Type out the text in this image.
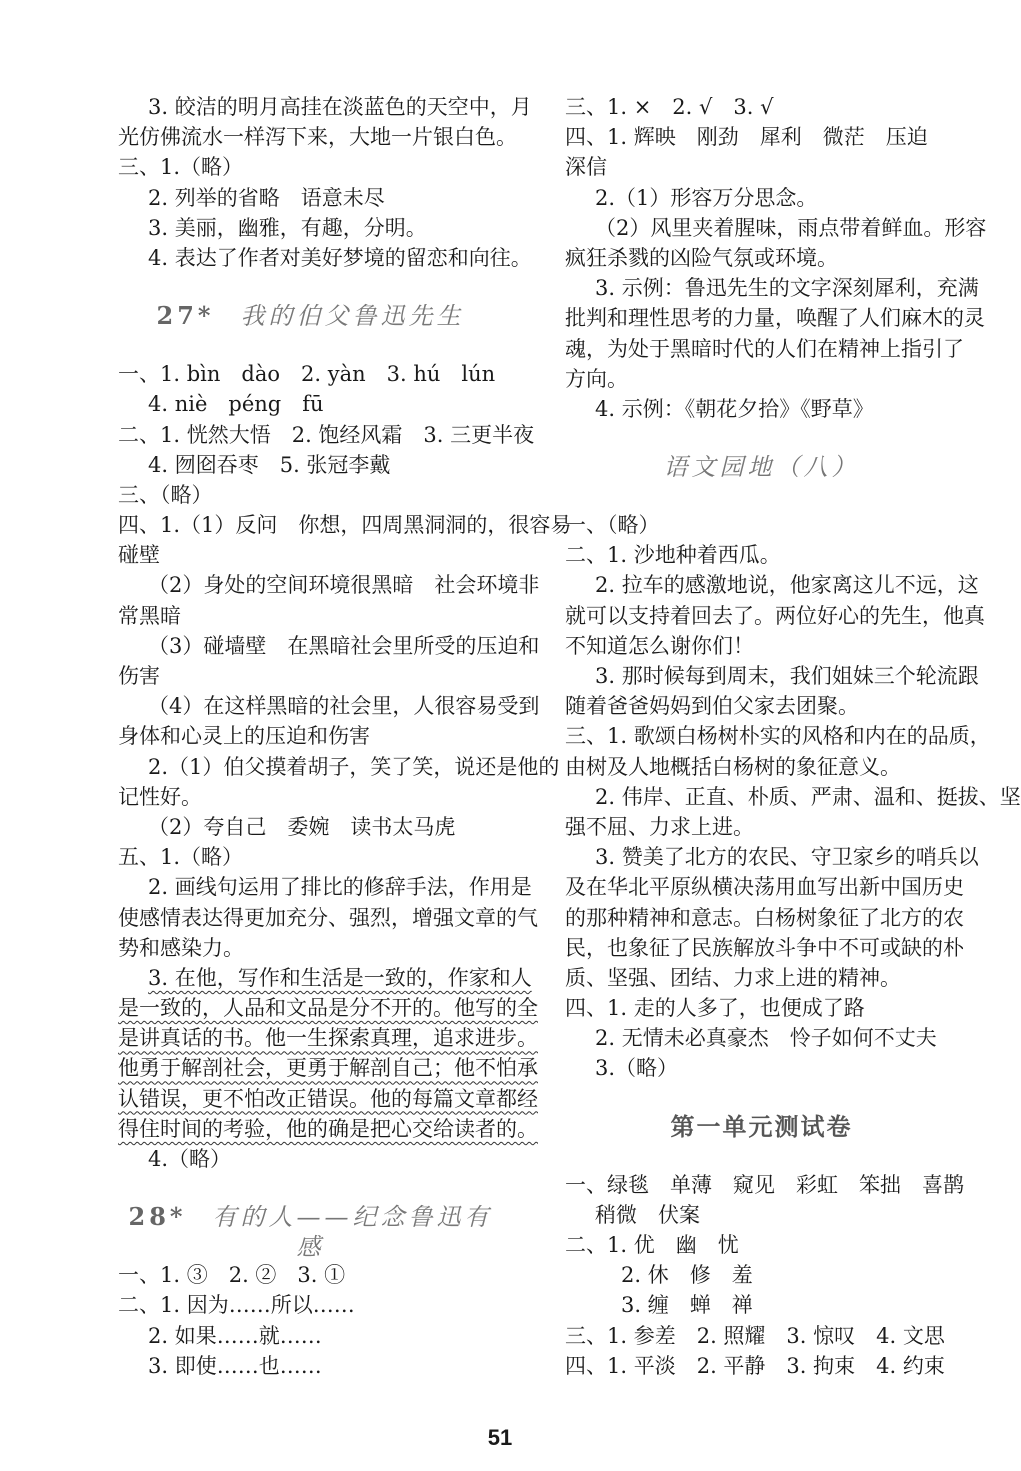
3. 皎洁的明月高挂在淡蓝色的天空中，月
光仿佛流水一样泻下来，大地一片银白色。
三、1.（略）
2. 列举的省略　语意未尽
3. 美丽，幽雅，有趣，分明。
4. 表达了作者对美好梦境的留恋和向往。
27* 我的伯父鲁迅先生
一、1. bìn　dào　2. yàn　3. hú　lún
4. niè　péng　fū
二、1. 恍然大悟　2. 饱经风霜　3. 三更半夜
4. 囫囵吞枣　5. 张冠李戴
三、（略）
四、1.（1）反问　你想，四周黑洞洞的，很容易
碰壁
（2）身处的空间环境很黑暗　社会环境非
常黑暗
（3）碰墙壁　在黑暗社会里所受的压迫和
伤害
（4）在这样黑暗的社会里，人很容易受到
身体和心灵上的压迫和伤害
2.（1）伯父摸着胡子，笑了笑，说还是他的
记性好。
（2）夸自己　委婉　读书太马虎
五、1.（略）
2. 画线句运用了排比的修辞手法，作用是
使感情表达得更加充分、强烈，增强文章的气
势和感染力。
3. 在他，写作和生活是一致的，作家和人
是一致的，人品和文品是分不开的。他写的全
是讲真话的书。他一生探索真理，追求进步。
他勇于解剖社会，更勇于解剖自己；他不怕承
认错误，更不怕改正错误。他的每篇文章都经
得住时间的考验，他的确是把心交给读者的。
4.（略）
28* 有的人——纪念鲁迅有感
一、1. ③　2. ②　3. ①
二、1. 因为……所以……
2. 如果……就……
3. 即使……也……
三、1. ×　2. √　3. √
四、1. 辉映　刚劲　犀利　微茫　压迫
深信
2.（1）形容万分思念。
（2）风里夹着腥味，雨点带着鲜血。形容
疯狂杀戮的凶险气氛或环境。
3. 示例：鲁迅先生的文字深刻犀利，充满
批判和理性思考的力量，唤醒了人们麻木的灵
魂，为处于黑暗时代的人们在精神上指引了
方向。
4. 示例：《朝花夕拾》《野草》
语文园地（八）
一、（略）
二、1. 沙地种着西瓜。
2. 拉车的感激地说，他家离这儿不远，这
就可以支持着回去了。两位好心的先生，他真
不知道怎么谢你们！
3. 那时候每到周末，我们姐妹三个轮流跟
随着爸爸妈妈到伯父家去团聚。
三、1. 歌颂白杨树朴实的风格和内在的品质，
由树及人地概括白杨树的象征意义。
2. 伟岸、正直、朴质、严肃、温和、挺拔、坚
强不屈、力求上进。
3. 赞美了北方的农民、守卫家乡的哨兵以
及在华北平原纵横决荡用血写出新中国历史
的那种精神和意志。白杨树象征了北方的农
民，也象征了民族解放斗争中不可或缺的朴
质、坚强、团结、力求上进的精神。
四、1. 走的人多了，也便成了路
2. 无情未必真豪杰　怜子如何不丈夫
3.（略）
第一单元测试卷
一、绿毯　单薄　窥见　彩虹　笨拙　喜鹊
稍微　伏案
二、1. 优　幽　忧
2. 休　修　羞
3. 缠　蝉　禅
三、1. 参差　2. 照耀　3. 惊叹　4. 文思
四、1. 平淡　2. 平静　3. 拘束　4. 约束
51
